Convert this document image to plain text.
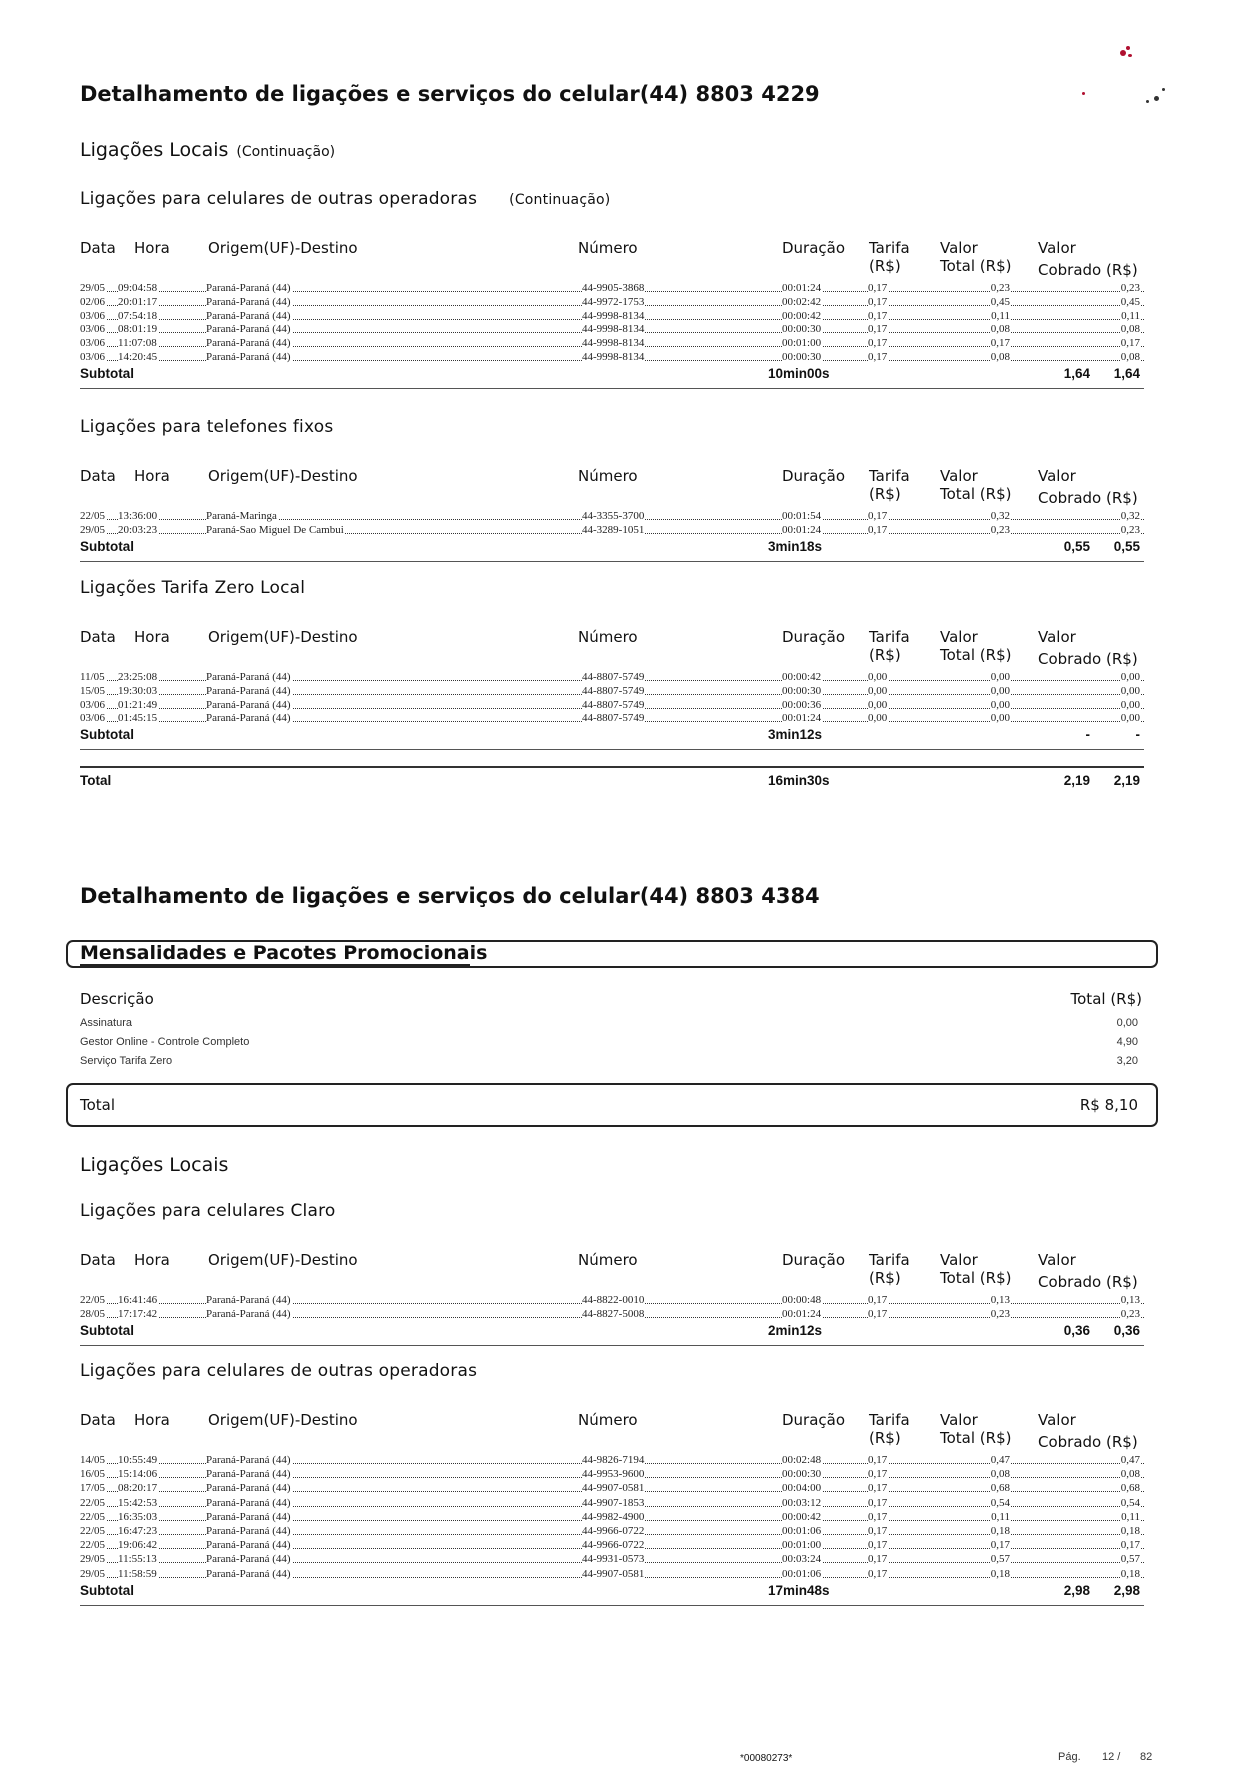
Detalhamento de ligações e serviços do celular(44) 8803 4229
Ligações Locais (Continuação)
Ligações para celulares de outras operadoras (Continuação)
Data Hora	Origem(UF)-Destino	Número	Duração Tarifa Valor	Valor
(R$)	Total (R$) Cobrado (R$)
29/05 09:04:58	Paraná-Paraná (44)	44-9905-3868	00:01:24	0,17	0,23	0,23
02/06 20:01:17	Paraná-Paraná (44)	44-9972-1753	00:02:42	0,17	0,45	0,45
03/06 07:54:18	Paraná-Paraná (44)	44-9998-8134	00:00:42	0,17	0,11	0,11
03/06 08:01:19	Paraná-Paraná (44)	44-9998-8134	00:00:30	0,17	0,08	0,08
03/06 11:07:08	Paraná-Paraná (44)	44-9998-8134	00:01:00	0,17	0,17	0,17
03/06 14:20:45	Paraná-Paraná (44)	44-9998-8134	00:00:30	0,17	0,08	0,08
Subtotal	10min00s	1,64	1,64
Ligações para telefones fixos
Data Hora	Origem(UF)-Destino	Número	Duração Tarifa Valor	Valor
(R$)	Total (R$) Cobrado (R$)
22/05 13:36:00	Paraná-Maringa	44-3355-3700	00:01:54	0,17	0,32	0,32
29/05 20:03:23	Paraná-Sao Miguel De Cambui	44-3289-1051	00:01:24	0,17	0,23	0,23
Subtotal	3min18s	0,55	0,55
Ligações Tarifa Zero Local
Data Hora	Origem(UF)-Destino	Número	Duração Tarifa Valor	Valor
(R$)	Total (R$) Cobrado (R$)
11/05 23:25:08	Paraná-Paraná (44)	44-8807-5749	00:00:42	0,00	0,00	0,00
15/05 19:30:03	Paraná-Paraná (44)	44-8807-5749	00:00:30	0,00	0,00	0,00
03/06 01:21:49	Paraná-Paraná (44)	44-8807-5749	00:00:36	0,00	0,00	0,00
03/06 01:45:15	Paraná-Paraná (44)	44-8807-5749	00:01:24	0,00	0,00	0,00
Subtotal	3min12s	-	-
Total	16min30s	2,19	2,19
Detalhamento de ligações e serviços do celular(44) 8803 4384
Mensalidades e Pacotes Promocionais
Descrição	Total (R$)
Assinatura	0,00
Gestor Online - Controle Completo	4,90
Serviço Tarifa Zero	3,20
Total	R$ 8,10
Ligações Locais
Ligações para celulares Claro
Data Hora	Origem(UF)-Destino	Número	Duração Tarifa Valor	Valor
(R$)	Total (R$) Cobrado (R$)
22/05 16:41:46	Paraná-Paraná (44)	44-8822-0010	00:00:48	0,17	0,13	0,13
28/05 17:17:42	Paraná-Paraná (44)	44-8827-5008	00:01:24	0,17	0,23	0,23
Subtotal	2min12s	0,36	0,36
Ligações para celulares de outras operadoras
Data Hora	Origem(UF)-Destino	Número	Duração Tarifa Valor	Valor
(R$)	Total (R$) Cobrado (R$)
14/05 10:55:49	Paraná-Paraná (44)	44-9826-7194	00:02:48	0,17	0,47	0,47
16/05 15:14:06	Paraná-Paraná (44)	44-9953-9600	00:00:30	0,17	0,08	0,08
17/05 08:20:17	Paraná-Paraná (44)	44-9907-0581	00:04:00	0,17	0,68	0,68
22/05 15:42:53	Paraná-Paraná (44)	44-9907-1853	00:03:12	0,17	0,54	0,54
22/05 16:35:03	Paraná-Paraná (44)	44-9982-4900	00:00:42	0,17	0,11	0,11
22/05 16:47:23	Paraná-Paraná (44)	44-9966-0722	00:01:06	0,17	0,18	0,18
22/05 19:06:42	Paraná-Paraná (44)	44-9966-0722	00:01:00	0,17	0,17	0,17
29/05 11:55:13	Paraná-Paraná (44)	44-9931-0573	00:03:24	0,17	0,57	0,57
29/05 11:58:59	Paraná-Paraná (44)	44-9907-0581	00:01:06	0,17	0,18	0,18
Subtotal	17min48s	2,98	2,98
*00080273*	Pág. 12 / 82
